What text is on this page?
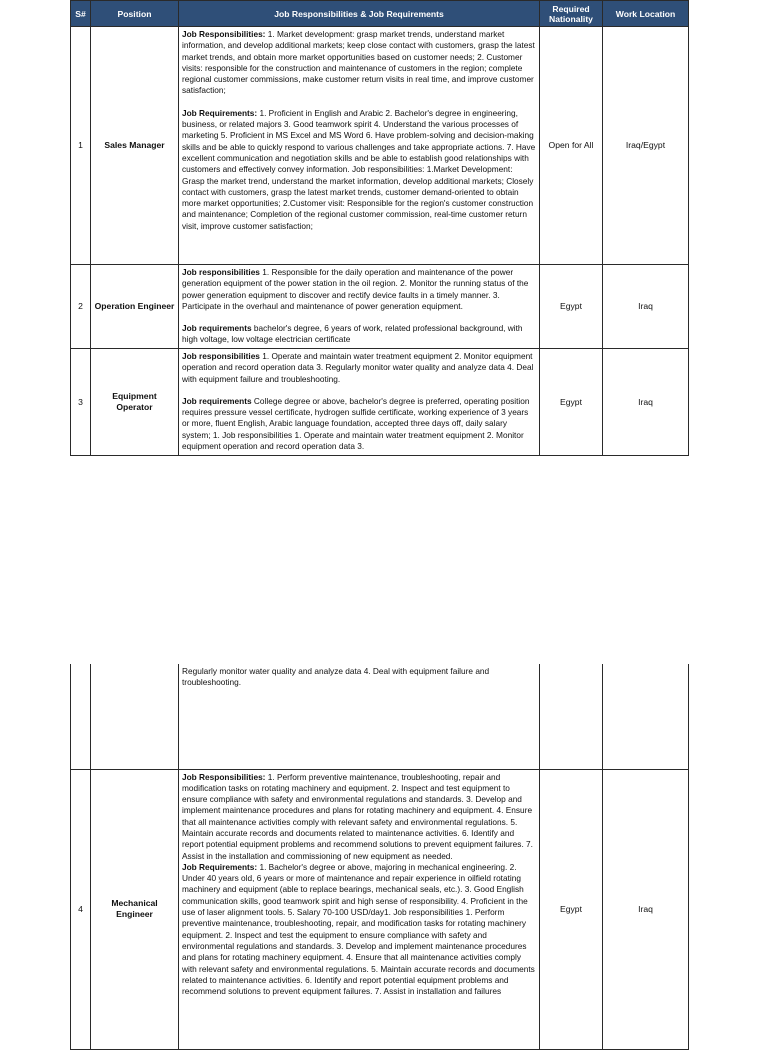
S#	Position	Job Responsibilities & Job Requirements	Required Nationality	Work Location
1	Sales Manager	Job Responsibilities: 1. Market development: grasp market trends, understand market information, and develop additional markets; keep close contact with customers, grasp the latest market trends, and obtain more market opportunities based on customer needs; 2. Customer visits: responsible for the construction and maintenance of customers in the region; complete regional customer commissions, make customer return visits in real time, and improve customer satisfaction;

Job Requirements: 1. Proficient in English and Arabic 2. Bachelor's degree in engineering, business, or related majors 3. Good teamwork spirit 4. Understand the various processes of marketing 5. Proficient in MS Excel and MS Word 6. Have problem-solving and decision-making skills and be able to quickly respond to various challenges and take appropriate actions. 7. Have excellent communication and negotiation skills and be able to establish good relationships with customers and effectively convey information. Job responsibilities: 1.Market Development: Grasp the market trend, understand the market information, develop additional markets; Closely contact with customers, grasp the latest market trends, customer demand-oriented to obtain more market opportunities; 2.Customer visit: Responsible for the region's customer construction and maintenance; Completion of the regional customer commission, real-time customer return visit, improve customer satisfaction;	Open for All	Iraq/Egypt
2	Operation Engineer	Job responsibilities 1. Responsible for the daily operation and maintenance of the power generation equipment of the power station in the oil region. 2. Monitor the running status of the power generation equipment to discover and rectify device faults in a timely manner. 3. Participate in the overhaul and maintenance of power generation equipment.

Job requirements bachelor's degree, 6 years of work, related professional background, with high voltage, low voltage electrician certificate	Egypt	Iraq
3	Equipment Operator	Job responsibilities 1. Operate and maintain water treatment equipment 2. Monitor equipment operation and record operation data 3. Regularly monitor water quality and analyze data 4. Deal with equipment failure and troubleshooting.

Job requirements College degree or above, bachelor's degree is preferred, operating position requires pressure vessel certificate, hydrogen sulfide certificate, working experience of 3 years or more, fluent English, Arabic language foundation, accepted three days off, daily salary system; 1. Job responsibilities 1. Operate and maintain water treatment equipment 2. Monitor equipment operation and record operation data 3.	Egypt	Iraq

		Regularly monitor water quality and analyze data 4. Deal with equipment failure and troubleshooting.		

4	Mechanical Engineer	Job Responsibilities: 1. Perform preventive maintenance, troubleshooting, repair and modification tasks on rotating machinery and equipment. 2. Inspect and test equipment to ensure compliance with safety and environmental regulations and standards. 3. Develop and implement maintenance procedures and plans for rotating machinery and equipment. 4. Ensure that all maintenance activities comply with relevant safety and environmental regulations. 5. Maintain accurate records and documents related to maintenance activities. 6. Identify and report potential equipment problems and recommend solutions to prevent equipment failures. 7. Assist in the installation and commissioning of new equipment as needed.

Job Requirements: 1. Bachelor's degree or above, majoring in mechanical engineering. 2. Under 40 years old, 6 years or more of maintenance and repair experience in oilfield rotating machinery and equipment (able to replace bearings, mechanical seals, etc.). 3. Good English communication skills, good teamwork spirit and high sense of responsibility. 4. Proficient in the use of laser alignment tools. 5. Salary 70-100 USD/day1. Job responsibilities 1. Perform preventive maintenance, troubleshooting, repair, and modification tasks for rotating machinery equipment. 2. Inspect and test the equipment to ensure compliance with safety and environmental regulations and standards. 3. Develop and implement maintenance procedures and plans for rotating machinery equipment. 4. Ensure that all maintenance activities comply with relevant safety and environmental regulations. 5. Maintain accurate records and documents related to maintenance activities. 6. Identify and report potential equipment problems and recommend solutions to prevent equipment failures. 7. Assist in installation and failures	Egypt	Iraq
